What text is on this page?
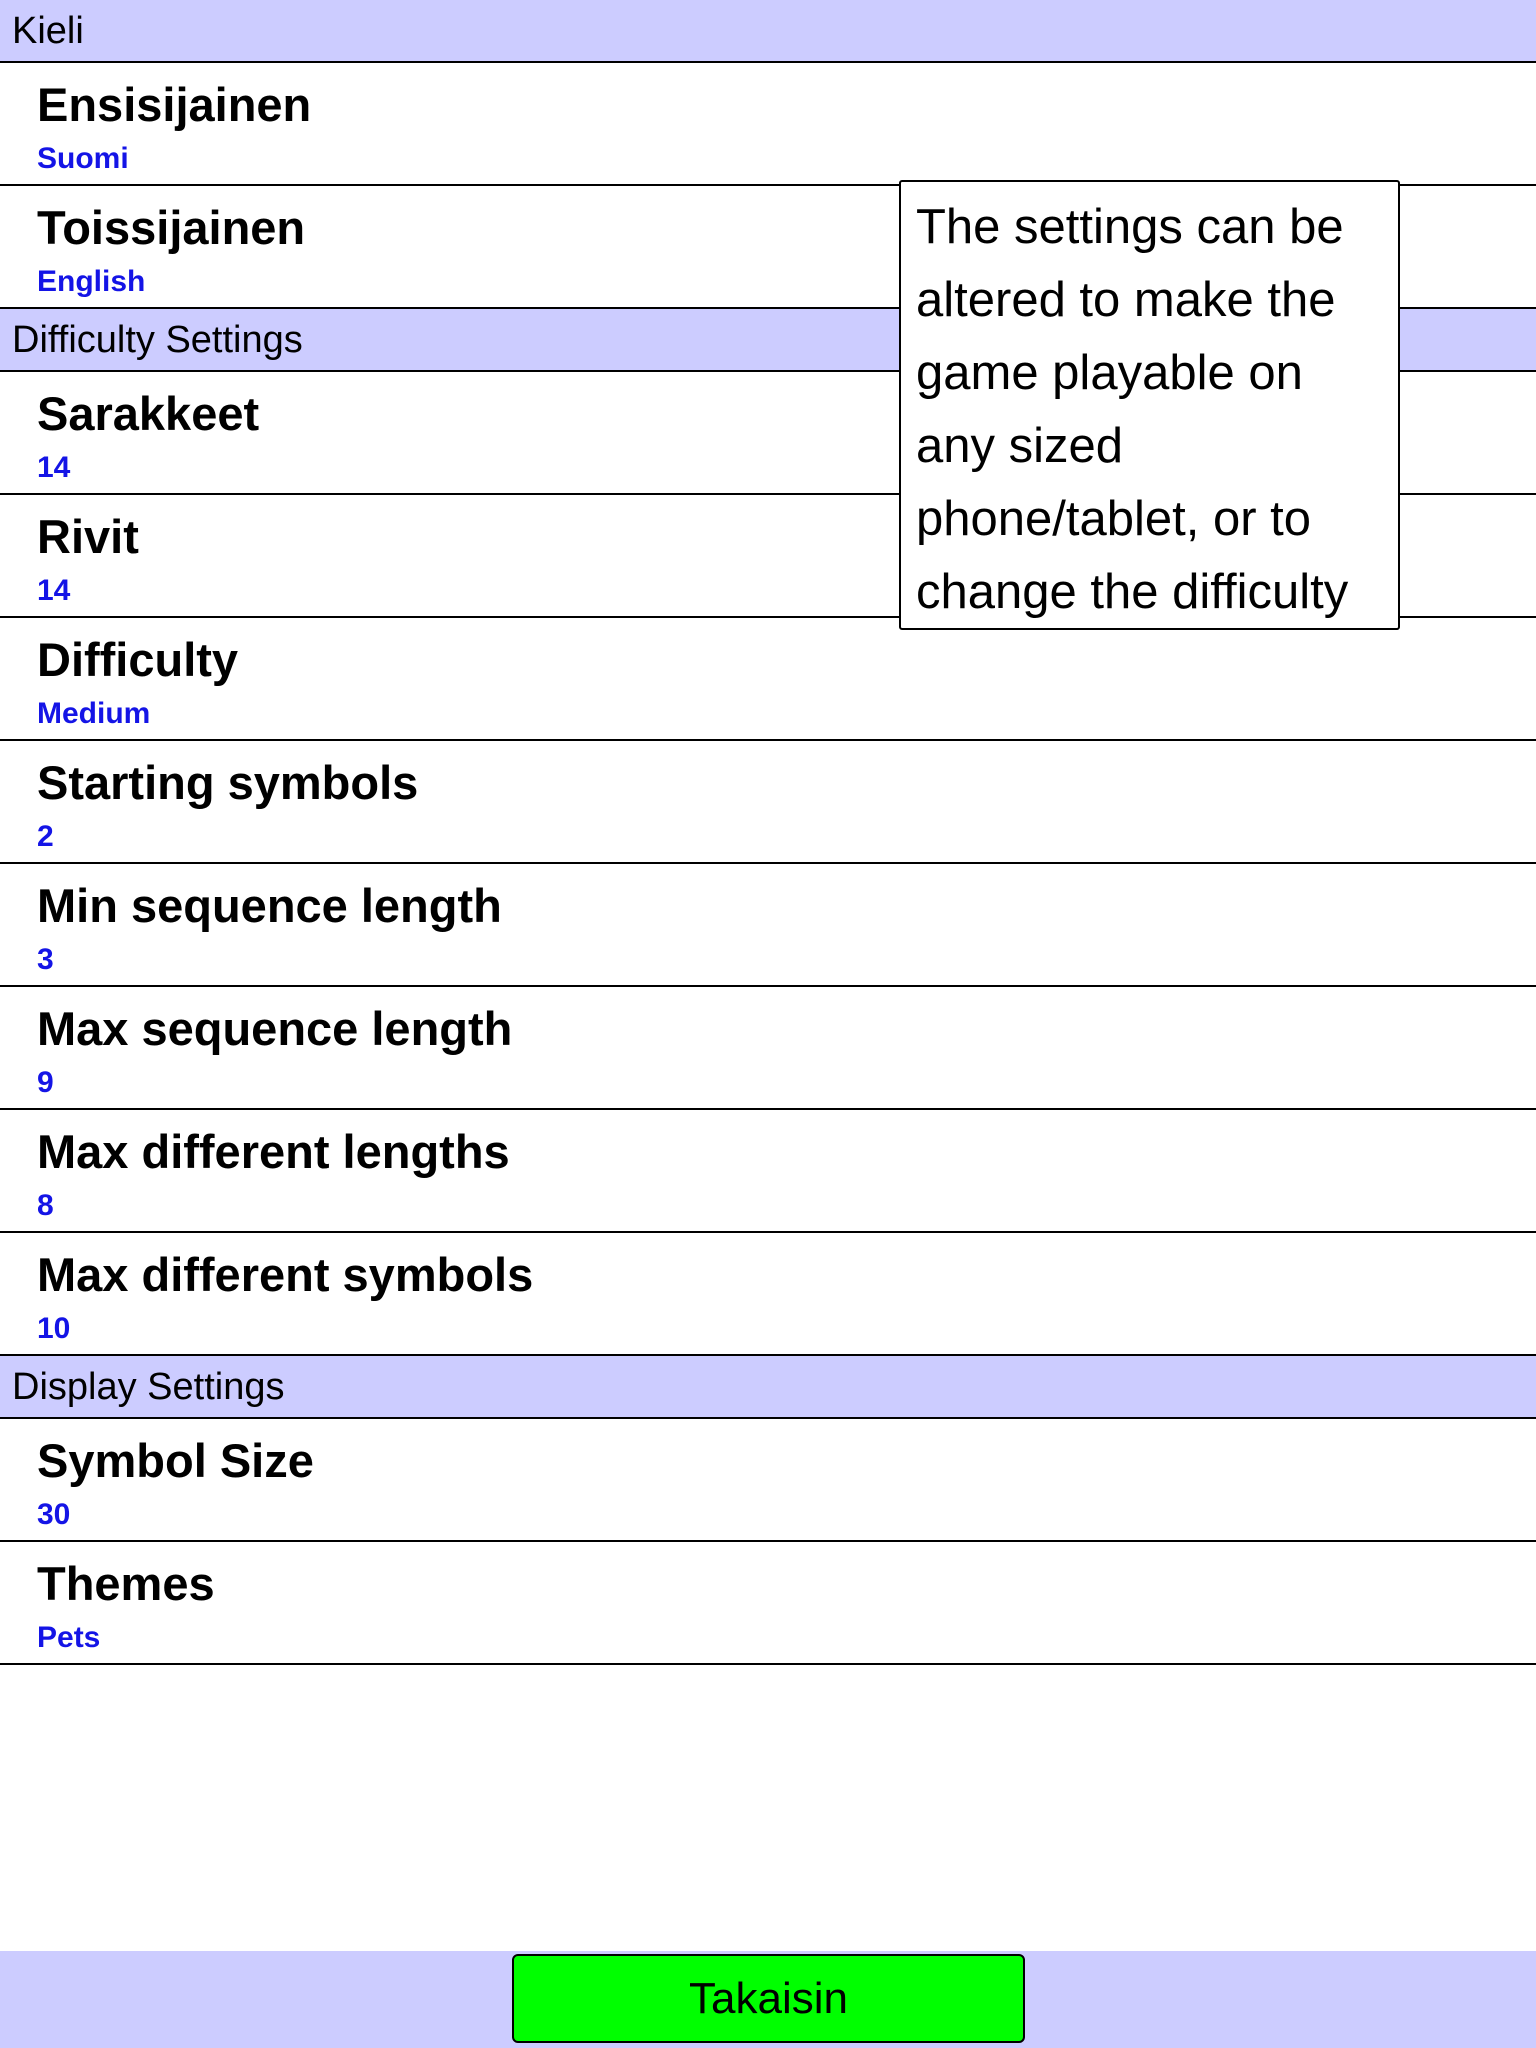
Kieli
Ensisijainen
Suomi
Toissijainen
English
Difficulty Settings
Sarakkeet
14
Rivit
14
Difficulty
Medium
Starting symbols
2
Min sequence length
3
Max sequence length
9
Max different lengths
8
Max different symbols
10
Display Settings
Symbol Size
30
Themes
Pets
The settings can be
altered to make the
game playable on
any sized
phone/tablet, or to
change the difficulty
Takaisin
